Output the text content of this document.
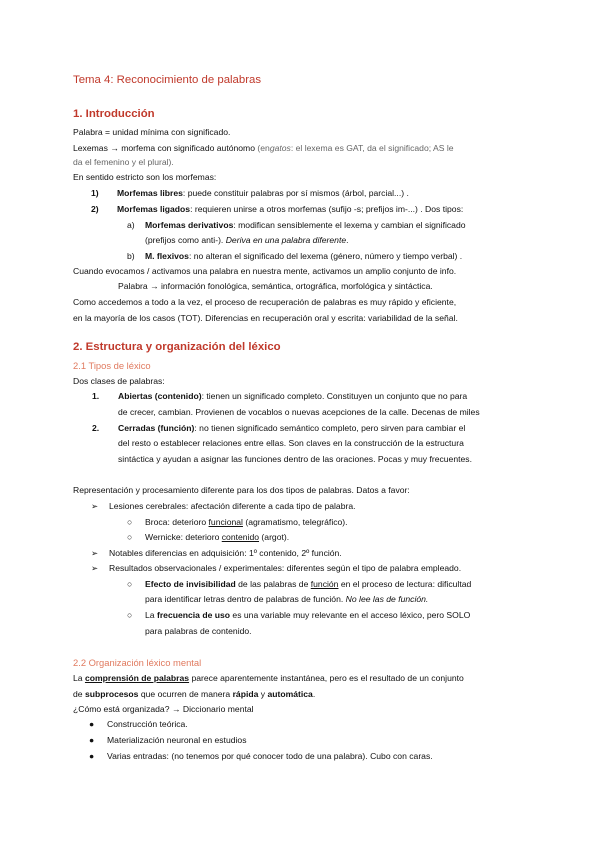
Tema 4: Reconocimiento de palabras
1. Introducción
Palabra = unidad mínima con significado.
Lexemas → morfema con significado autónomo (engatos: el lexema es GAT, da el significado; AS le
da el femenino y el plural).
En sentido estricto son los morfemas:
1) Morfemas libres: puede constituir palabras por sí mismos (árbol, parcial...) .
2) Morfemas ligados: requieren unirse a otros morfemas (sufijo -s; prefijos im-...) . Dos tipos:
a) Morfemas derivativos: modifican sensiblemente el lexema y cambian el significado
(prefijos como anti-). Deriva en una palabra diferente.
b) M. flexivos: no alteran el significado del lexema (género, número y tiempo verbal) .
Cuando evocamos / activamos una palabra en nuestra mente, activamos un amplio conjunto de info.
Palabra → información fonológica, semántica, ortográfica, morfológica y sintáctica.
Como accedemos a todo a la vez, el proceso de recuperación de palabras es muy rápido y eficiente,
en la mayoría de los casos (TOT). Diferencias en recuperación oral y escrita: variabilidad de la señal.
2. Estructura y organización del léxico
2.1 Tipos de léxico
Dos clases de palabras:
1. Abiertas (contenido): tienen un significado completo. Constituyen un conjunto que no para
de crecer, cambian. Provienen de vocablos o nuevas acepciones de la calle. Decenas de miles
2. Cerradas (función): no tienen significado semántico completo, pero sirven para cambiar el
del resto o establecer relaciones entre ellas. Son claves en la construcción de la estructura
sintáctica y ayudan a asignar las funciones dentro de las oraciones. Pocas y muy frecuentes.
Representación y procesamiento diferente para los dos tipos de palabras. Datos a favor:
➢ Lesiones cerebrales: afectación diferente a cada tipo de palabra.
○ Broca: deterioro funcional (agramatismo, telegráfico).
○ Wernicke: deterioro contenido (argot).
➢ Notables diferencias en adquisición: 1º contenido, 2º función.
➢ Resultados observacionales / experimentales: diferentes según el tipo de palabra empleado.
○ Efecto de invisibilidad de las palabras de función en el proceso de lectura: dificultad
para identificar letras dentro de palabras de función. No lee las de función.
○ La frecuencia de uso es una variable muy relevante en el acceso léxico, pero SOLO
para palabras de contenido.
2.2 Organización léxico mental
La comprensión de palabras parece aparentemente instantánea, pero es el resultado de un conjunto
de subprocesos que ocurren de manera rápida y automática.
¿Cómo está organizada? → Diccionario mental
● Construcción teórica.
● Materialización neuronal en estudios
● Varias entradas: (no tenemos por qué conocer todo de una palabra). Cubo con caras.
